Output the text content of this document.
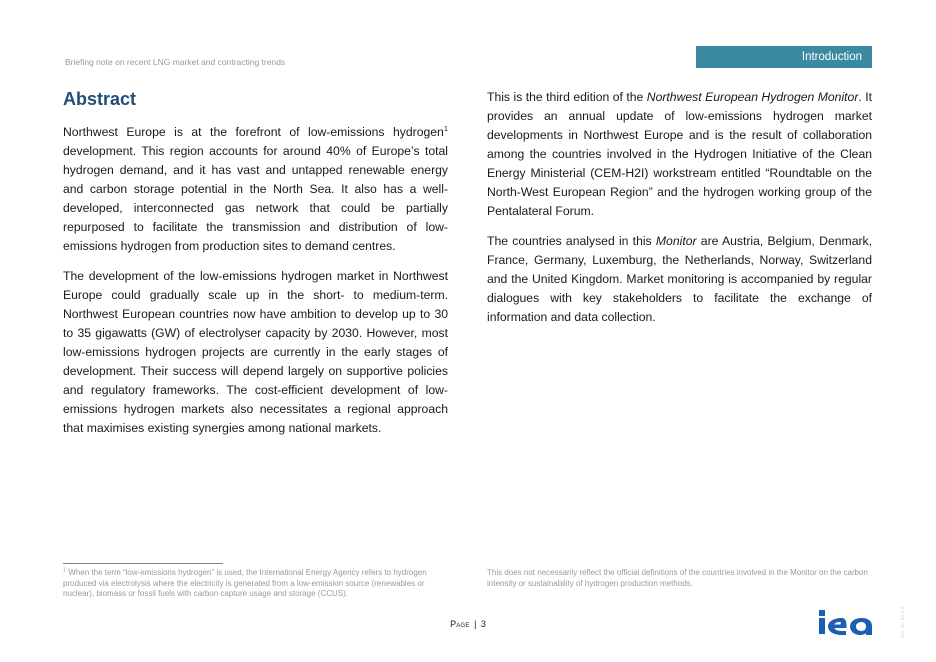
Briefing note on recent LNG market and contracting trends	Introduction
Abstract

Northwest Europe is at the forefront of low-emissions hydrogen$^1$ development. This region accounts for around 40% of Europe’s total hydrogen demand, and it has vast and untapped renewable energy and carbon storage potential in the North Sea. It also has a well-developed, interconnected gas network that could be partially repurposed to facilitate the transmission and distribution of low-emissions hydrogen from production sites to demand centres.

The development of the low-emissions hydrogen market in Northwest Europe could gradually scale up in the short- to medium-term. Northwest European countries now have ambition to develop up to 30 to 35 gigawatts (GW) of electrolyser capacity by 2030. However, most low-emissions hydrogen projects are currently in the early stages of development. Their success will depend largely on supportive policies and regulatory frameworks. The cost-efficient development of low-emissions hydrogen markets also necessitates a regional approach that maximises existing synergies among national markets.

This is the third edition of the Northwest European Hydrogen Monitor. It provides an annual update of low-emissions hydrogen market developments in Northwest Europe and is the result of collaboration among the countries involved in the Hydrogen Initiative of the Clean Energy Ministerial (CEM-H2I) workstream entitled “Roundtable on the North-West European Region” and the hydrogen working group of the Pentalateral Forum.

The countries analysed in this Monitor are Austria, Belgium, Denmark, France, Germany, Luxemburg, the Netherlands, Norway, Switzerland and the United Kingdom. Market monitoring is accompanied by regular dialogues with key stakeholders to facilitate the exchange of information and data collection.

$^1$ When the term “low-emissions hydrogen” is used, the International Energy Agency refers to hydrogen produced via electrolysis where the electricity is generated from a low-emission source (renewables or nuclear), biomass or fossil fuels with carbon capture usage and storage (CCUS).
This does not necessarily reflect the official definitions of the countries involved in the Monitor on the carbon intensity or sustainability of hydrogen production methods.
Page | 3	IEA. CC BY 4.0.
